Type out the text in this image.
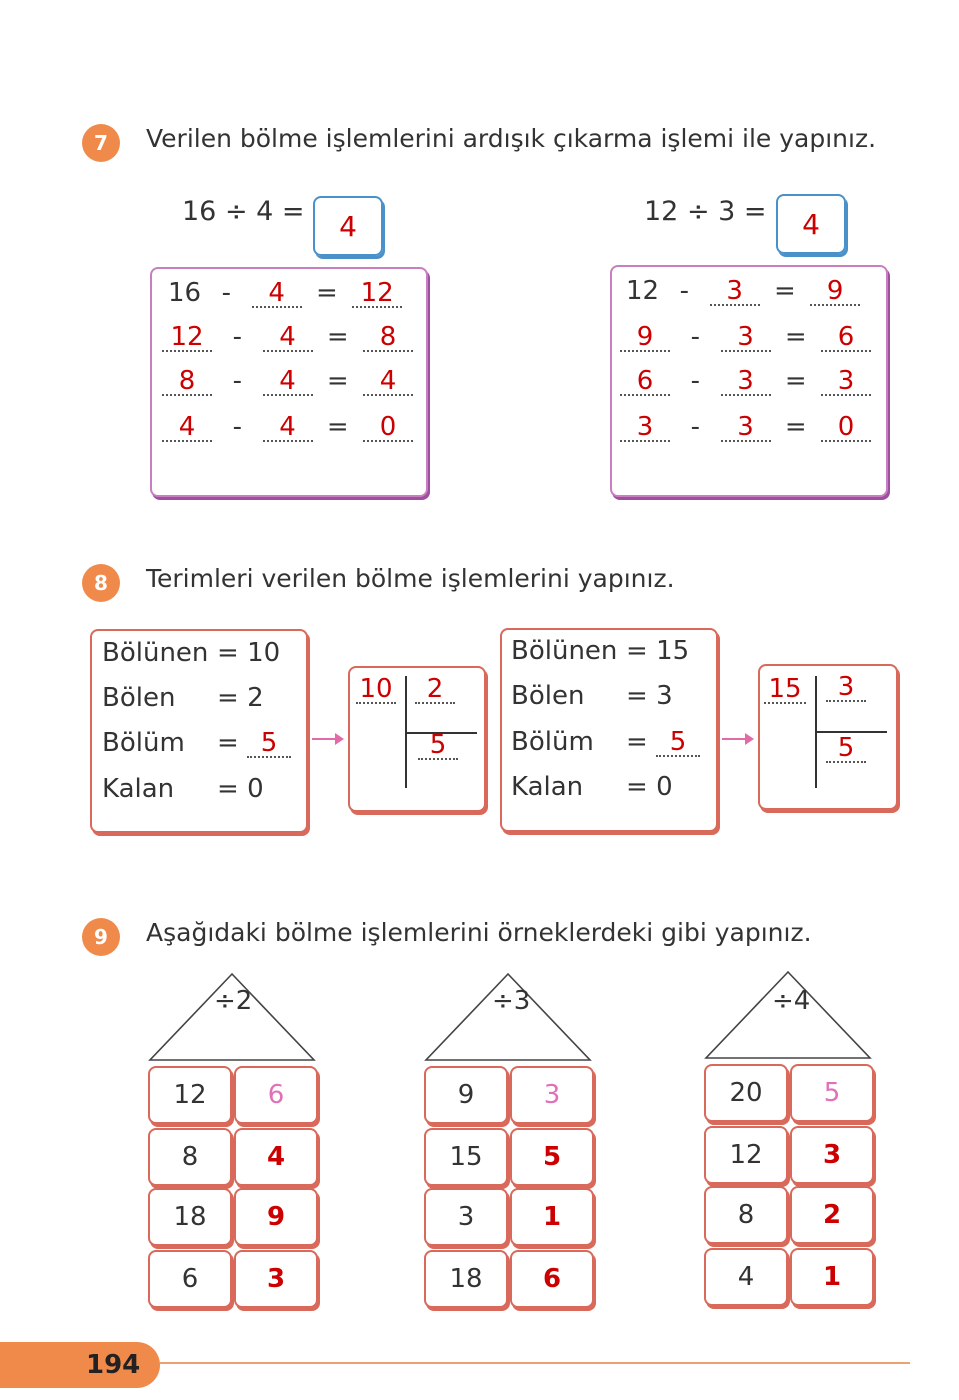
7	Verilen bölme işlemlerini ardışık çıkarma işlemi ile yapınız.
16 ÷ 4 =	4
16 - 4 = 12
12 - 4 = 8
8 - 4 = 4
4 - 4 = 0
12 ÷ 3 =	4
12 - 3 = 9
9 - 3 = 6
6 - 3 = 3
3 - 3 = 0
8	Terimleri verilen bölme işlemlerini yapınız.
Bölünen = 10
Bölen = 2
Bölüm = 5
Kalan = 0
10	2
5
Bölünen = 15
Bölen = 3
Bölüm = 5
Kalan = 0
15	3
5
9	Aşağıdaki bölme işlemlerini örneklerdeki gibi yapınız.
÷2
12	6
8	4
18	9
6	3
÷3
9	3
15	5
3	1
18	6
÷4
20	5
12	3
8	2
4	1
194
